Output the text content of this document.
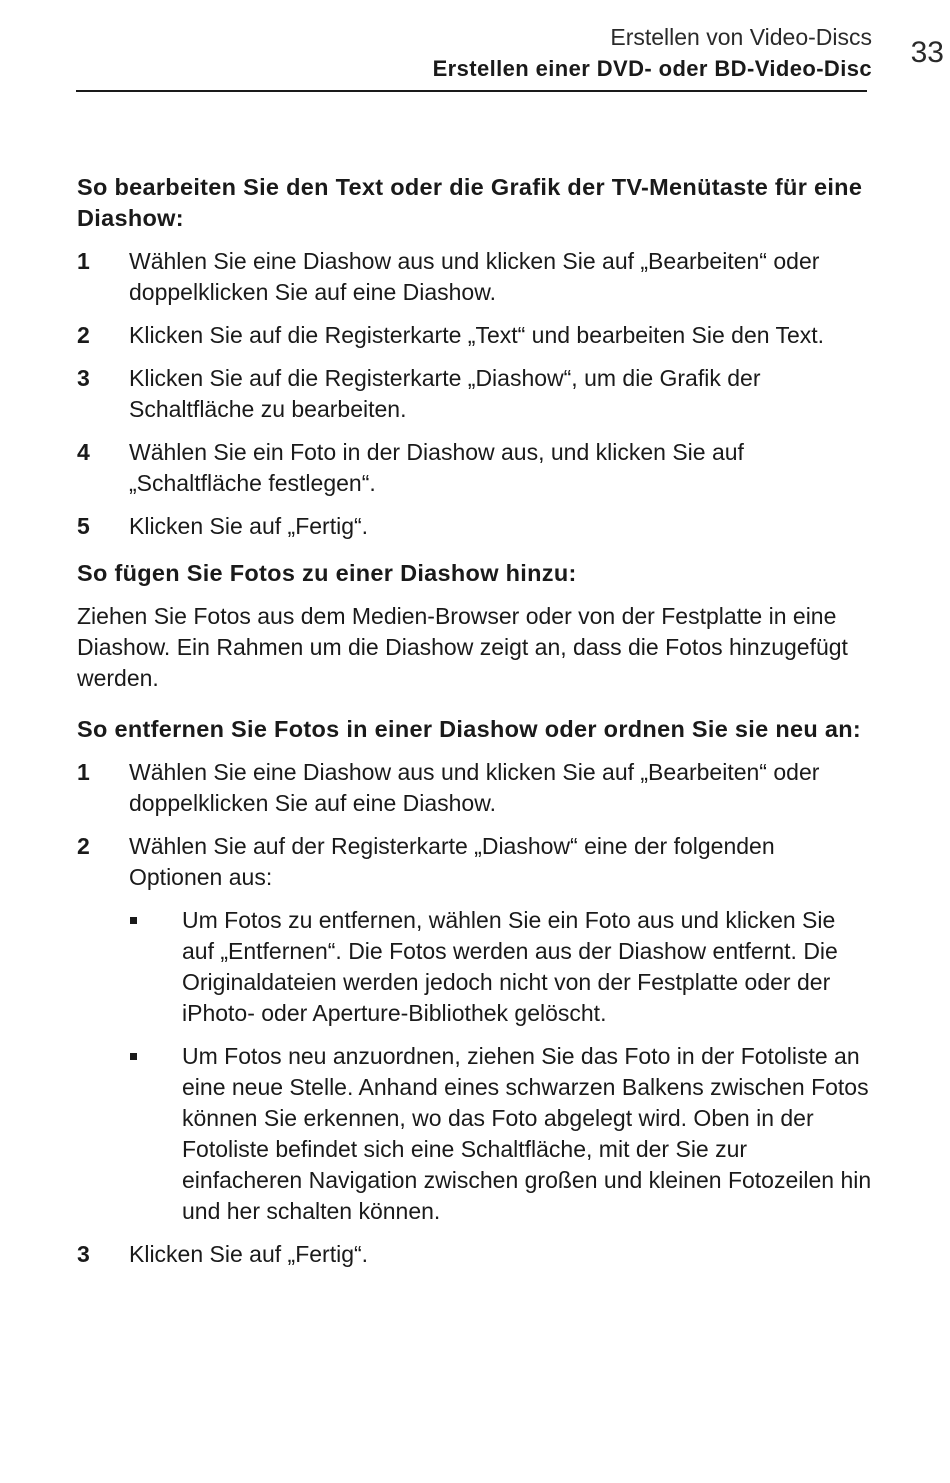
Erstellen von Video-Discs
Erstellen einer DVD- oder BD-Video-Disc 33
So bearbeiten Sie den Text oder die Grafik der TV-Menütaste für eine Diashow:
1 Wählen Sie eine Diashow aus und klicken Sie auf „Bearbeiten“ oder doppelklicken Sie auf eine Diashow.
2 Klicken Sie auf die Registerkarte „Text“ und bearbeiten Sie den Text.
3 Klicken Sie auf die Registerkarte „Diashow“, um die Grafik der Schaltfläche zu bearbeiten.
4 Wählen Sie ein Foto in der Diashow aus, und klicken Sie auf „Schaltfläche festlegen“.
5 Klicken Sie auf „Fertig“.
So fügen Sie Fotos zu einer Diashow hinzu:

Ziehen Sie Fotos aus dem Medien-Browser oder von der Festplatte in eine Diashow. Ein Rahmen um die Diashow zeigt an, dass die Fotos hinzugefügt werden.

So entfernen Sie Fotos in einer Diashow oder ordnen Sie sie neu an:
1 Wählen Sie eine Diashow aus und klicken Sie auf „Bearbeiten“ oder doppelklicken Sie auf eine Diashow.
2 Wählen Sie auf der Registerkarte „Diashow“ eine der folgenden Optionen aus:
Um Fotos zu entfernen, wählen Sie ein Foto aus und klicken Sie auf „Entfernen“. Die Fotos werden aus der Diashow entfernt. Die Originaldateien werden jedoch nicht von der Festplatte oder der iPhoto- oder Aperture-Bibliothek gelöscht.
Um Fotos neu anzuordnen, ziehen Sie das Foto in der Fotoliste an eine neue Stelle. Anhand eines schwarzen Balkens zwischen Fotos können Sie erkennen, wo das Foto abgelegt wird. Oben in der Fotoliste befindet sich eine Schaltfläche, mit der Sie zur einfacheren Navigation zwischen großen und kleinen Fotozeilen hin und her schalten können.
3 Klicken Sie auf „Fertig“.
